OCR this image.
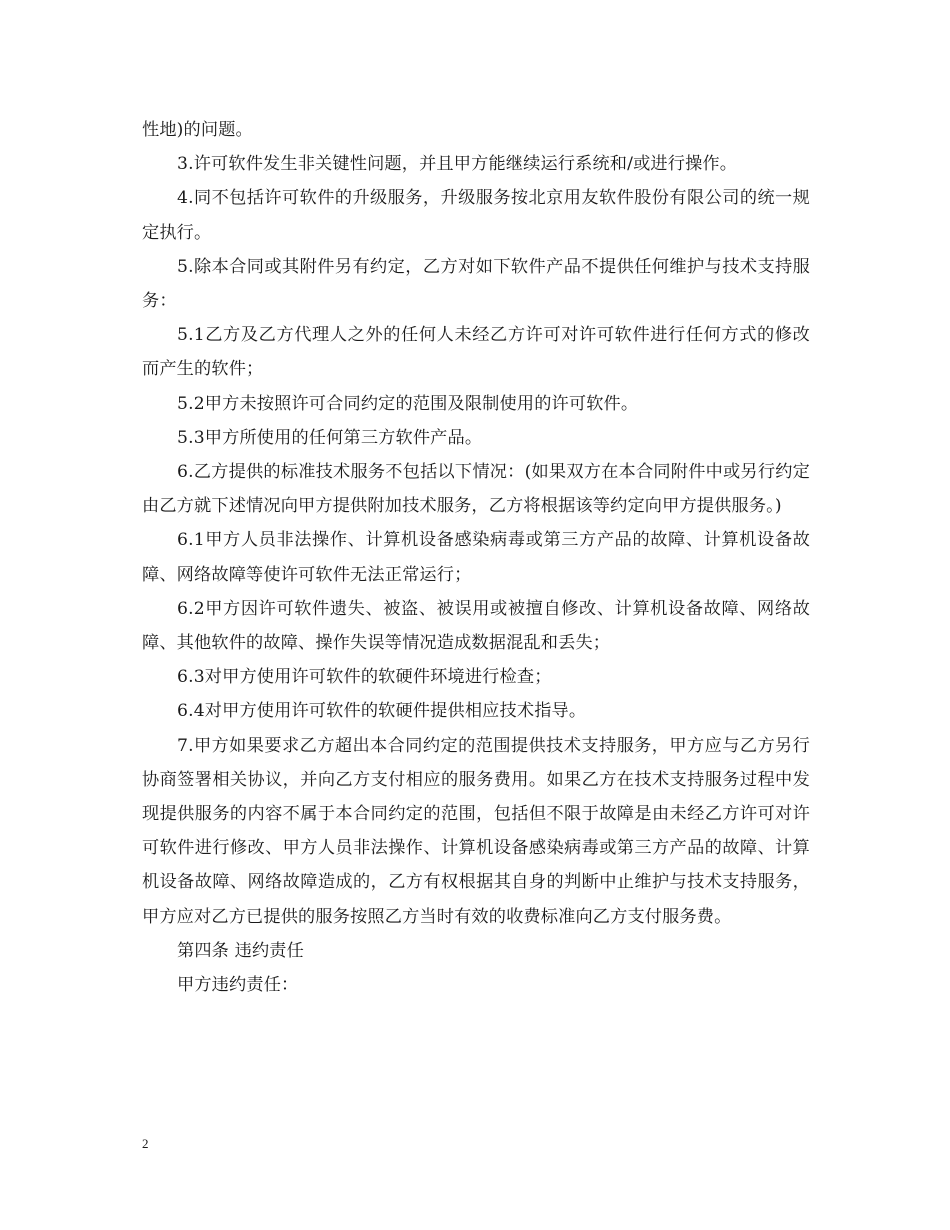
性地)的问题。

3.许可软件发生非关键性问题，并且甲方能继续运行系统和/或进行操作。

4.同不包括许可软件的升级服务，升级服务按北京用友软件股份有限公司的统一规定执行。

5.除本合同或其附件另有约定，乙方对如下软件产品不提供任何维护与技术支持服务：

5.1乙方及乙方代理人之外的任何人未经乙方许可对许可软件进行任何方式的修改而产生的软件；

5.2甲方未按照许可合同约定的范围及限制使用的许可软件。

5.3甲方所使用的任何第三方软件产品。

6.乙方提供的标准技术服务不包括以下情况：(如果双方在本合同附件中或另行约定由乙方就下述情况向甲方提供附加技术服务，乙方将根据该等约定向甲方提供服务。)

6.1甲方人员非法操作、计算机设备感染病毒或第三方产品的故障、计算机设备故障、网络故障等使许可软件无法正常运行；

6.2甲方因许可软件遗失、被盗、被误用或被擅自修改、计算机设备故障、网络故障、其他软件的故障、操作失误等情况造成数据混乱和丢失；

6.3对甲方使用许可软件的软硬件环境进行检查；

6.4对甲方使用许可软件的软硬件提供相应技术指导。

7.甲方如果要求乙方超出本合同约定的范围提供技术支持服务，甲方应与乙方另行协商签署相关协议，并向乙方支付相应的服务费用。如果乙方在技术支持服务过程中发现提供服务的内容不属于本合同约定的范围，包括但不限于故障是由未经乙方许可对许可软件进行修改、甲方人员非法操作、计算机设备感染病毒或第三方产品的故障、计算机设备故障、网络故障造成的，乙方有权根据其自身的判断中止维护与技术支持服务，甲方应对乙方已提供的服务按照乙方当时有效的收费标准向乙方支付服务费。

第四条 违约责任

甲方违约责任：

2
